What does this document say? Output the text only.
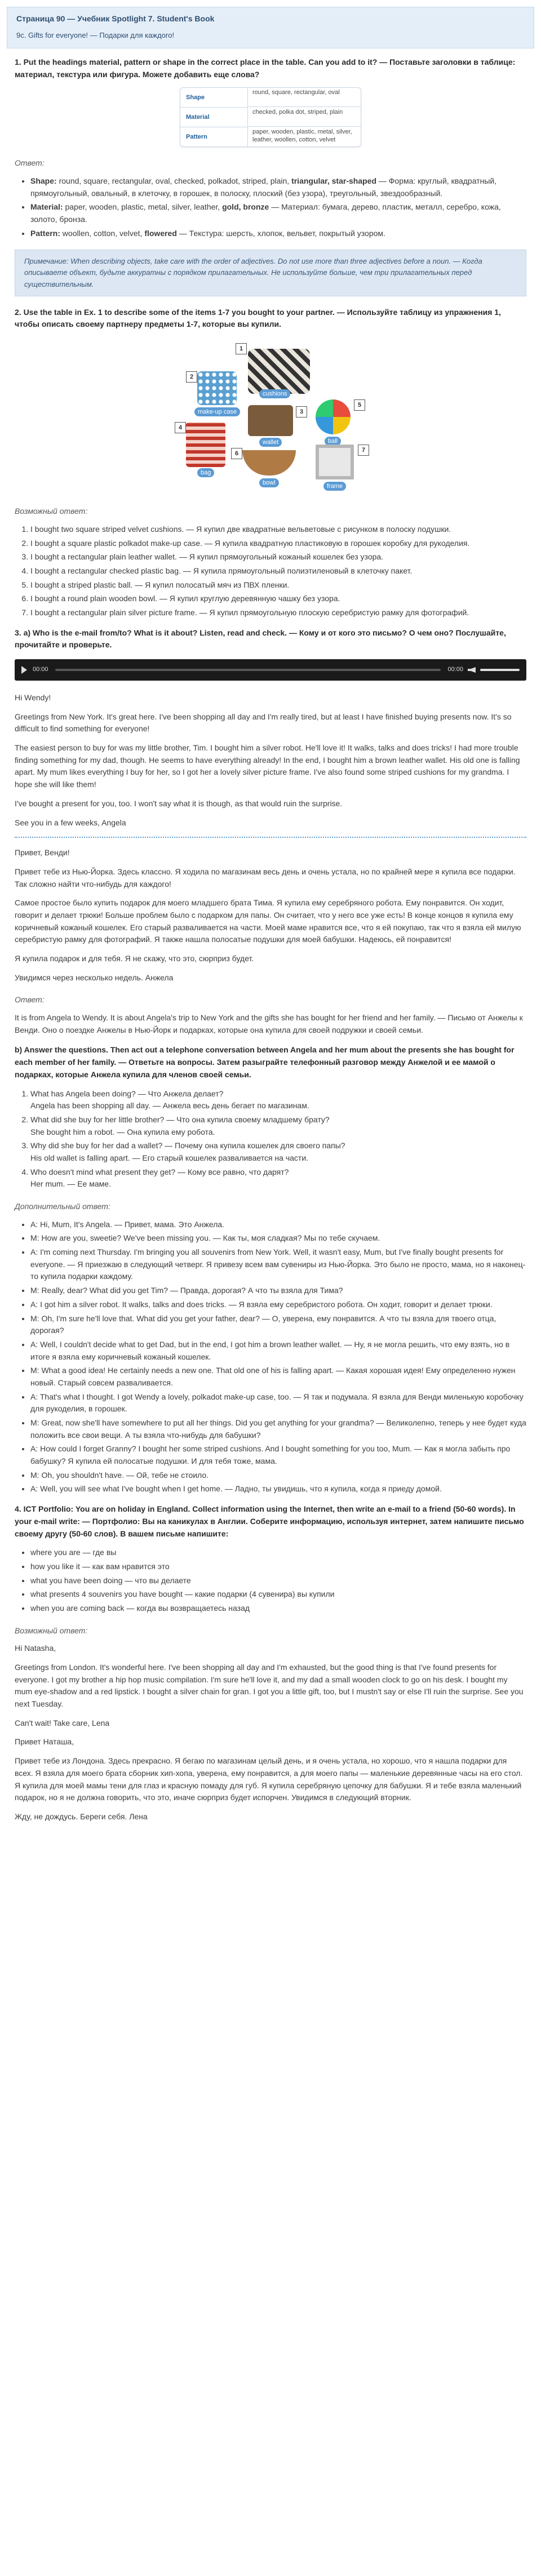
Страница 90 — Учебник Spotlight 7. Student's Book
9c. Gifts for everyone! — Подарки для каждого!

1. Put the headings material, pattern or shape in the correct place in the table. Can you add to it? — Поставьте заголовки в таблице: материал, текстура или фигура. Можете добавить еще слова?

Shape
round, square, rectangular, oval
Material
checked, polka dot, striped, plain
Pattern
paper, wooden, plastic, metal, silver, leather, woollen, cotton, velvet

Ответ:

• Shape: round, square, rectangular, oval, checked, polkadot, striped, plain, triangular, star-shaped — Форма: круглый, квадратный, прямоугольный, овальный, в клеточку, в горошек, в полоску, плоский (без узора), треугольный, звездообразный.
• Material: paper, wooden, plastic, metal, silver, leather, gold, bronze — Материал: бумага, дерево, пластик, металл, серебро, кожа, золото, бронза.
• Pattern: woollen, cotton, velvet, flowered — Текстура: шерсть, хлопок, вельвет, покрытый узором.
Примечание: When describing objects, take care with the order of adjectives. Do not use more than three adjectives before a noun. — Когда описываете объект, будьте аккуратны с порядком прилагательных. Не используйте больше, чем три прилагательных перед существительным.

2. Use the table in Ex. 1 to describe some of the items 1-7 you bought to your partner. — Используйте таблицу из упражнения 1, чтобы описать своему партнеру предметы 1-7, которые вы купили.

1
cushions
2
make-up case	3
wallet
5
ball
4
bag
7
frame
6
bowl

Возможный ответ:

1. I bought two square striped velvet cushions. — Я купил две квадратные вельветовые с рисунком в полоску подушки.
2. I bought a square plastic polkadot make-up case. — Я купила квадратную пластиковую в горошек коробку для рукоделия.
3. I bought a rectangular plain leather wallet. — Я купил прямоугольный кожаный кошелек без узора.
4. I bought a rectangular checked plastic bag. — Я купила прямоугольный полиэтиленовый в клеточку пакет.
5. I bought a striped plastic ball. — Я купил полосатый мяч из ПВХ пленки.
6. I bought a round plain wooden bowl. — Я купил круглую деревянную чашку без узора.
7. I bought a rectangular plain silver picture frame. — Я купил прямоугольную плоскую серебристую рамку для фотографий.

3. a) Who is the e-mail from/to? What is it about? Listen, read and check. — Кому и от кого это письмо? О чем оно? Послушайте, прочитайте и проверьте.

00:00	00:00

Hi Wendy!

Greetings from New York. It's great here. I've been shopping all day and I'm really tired, but at least I have finished buying presents now. It's so difficult to find something for everyone!

The easiest person to buy for was my little brother, Tim. I bought him a silver robot. He'll love it! It walks, talks and does tricks! I had more trouble finding something for my dad, though. He seems to have everything already! In the end, I bought him a brown leather wallet. His old one is falling apart. My mum likes everything I buy for her, so I got her a lovely silver picture frame. I've also found some striped cushions for my grandma. I hope she will like them!

I've bought a present for you, too. I won't say what it is though, as that would ruin the surprise.

See you in a few weeks, Angela

Привет, Венди!

Привет тебе из Нью-Йорка. Здесь классно. Я ходила по магазинам весь день и очень устала, но по крайней мере я купила все подарки. Так сложно найти что-нибудь для каждого!

Самое простое было купить подарок для моего младшего брата Тима. Я купила ему серебряного робота. Ему понравится. Он ходит, говорит и делает трюки! Больше проблем было с подарком для папы. Он считает, что у него все уже есть! В конце концов я купила ему коричневый кожаный кошелек. Его старый разваливается на части. Моей маме нравится все, что я ей покупаю, так что я взяла ей милую серебристую рамку для фотографий. Я также нашла полосатые подушки для моей бабушки. Надеюсь, ей понравится!

Я купила подарок и для тебя. Я не скажу, что это, сюрприз будет.

Увидимся через несколько недель. Анжела

Ответ:

It is from Angela to Wendy. It is about Angela's trip to New York and the gifts she has bought for her friend and her family. — Письмо от Анжелы к Венди. Оно о поездке Анжелы в Нью-Йорк и подарках, которые она купила для своей подружки и своей семьи.

b) Answer the questions. Then act out a telephone conversation between Angela and her mum about the presents she has bought for each member of her family. — Ответьте на вопросы. Затем разыграйте телефонный разговор между Анжелой и ее мамой о подарках, которые Анжела купила для членов своей семьи.

1. What has Angela been doing? — Что Анжела делает?
Angela has been shopping all day. — Анжела весь день бегает по магазинам.
2. What did she buy for her little brother? — Что она купила своему младшему брату?
She bought him a robot. — Она купила ему робота.
3. Why did she buy for her dad a wallet? — Почему она купила кошелек для своего папы?
His old wallet is falling apart. — Его старый кошелек разваливается на части.
4. Who doesn't mind what present they get? — Кому все равно, что дарят?
Her mum. — Ее маме.

Дополнительный ответ:

• A: Hi, Mum, It's Angela. — Привет, мама. Это Анжела.
• M: How are you, sweetie? We've been missing you. — Как ты, моя сладкая? Мы по тебе скучаем.
• A: I'm coming next Thursday. I'm bringing you all souvenirs from New York. Well, it wasn't easy, Mum, but I've finally bought presents for everyone. — Я приезжаю в следующий четверг. Я привезу всем вам сувениры из Нью-Йорка. Это было не просто, мама, но я наконец-то купила подарки каждому.
• M: Really, dear? What did you get Tim? — Правда, дорогая? А что ты взяла для Тима?
• A: I got him a silver robot. It walks, talks and does tricks. — Я взяла ему серебристого робота. Он ходит, говорит и делает трюки.
• M: Oh, I'm sure he'll love that. What did you get your father, dear? — О, уверена, ему понравится. А что ты взяла для твоего отца, дорогая?
• A: Well, I couldn't decide what to get Dad, but in the end, I got him a brown leather wallet. — Ну, я не могла решить, что ему взять, но в итоге я взяла ему коричневый кожаный кошелек.
• M: What a good idea! He certainly needs a new one. That old one of his is falling apart. — Какая хорошая идея! Ему определенно нужен новый. Старый совсем разваливается.
• A: That's what I thought. I got Wendy a lovely, polkadot make-up case, too. — Я так и подумала. Я взяла для Венди миленькую коробочку для рукоделия, в горошек.
• M: Great, now she'll have somewhere to put all her things. Did you get anything for your grandma? — Великолепно, теперь у нее будет куда положить все свои вещи. А ты взяла что-нибудь для бабушки?
• A: How could I forget Granny? I bought her some striped cushions. And I bought something for you too, Mum. — Как я могла забыть про бабушку? Я купила ей полосатые подушки. И для тебя тоже, мама.
• M: Oh, you shouldn't have. — Ой, тебе не стоило.
• A: Well, you will see what I've bought when I get home. — Ладно, ты увидишь, что я купила, когда я приеду домой.

4. ICT Portfolio: You are on holiday in England. Collect information using the Internet, then write an e-mail to a friend (50-60 words). In your e-mail write: — Портфолио: Вы на каникулах в Англии. Соберите информацию, используя интернет, затем напишите письмо своему другу (50-60 слов). В вашем письме напишите:

• where you are — где вы
• how you like it — как вам нравится это
• what you have been doing — что вы делаете
• what presents 4 souvenirs you have bought — какие подарки (4 сувенира) вы купили
• when you are coming back — когда вы возвращаетесь назад

Возможный ответ:

Hi Natasha,

Greetings from London. It's wonderful here. I've been shopping all day and I'm exhausted, but the good thing is that I've found presents for everyone. I got my brother a hip hop music compilation. I'm sure he'll love it, and my dad a small wooden clock to go on his desk. I bought my mum eye-shadow and a red lipstick. I bought a silver chain for gran. I got you a little gift, too, but I mustn't say or else I'll ruin the surprise. See you next Tuesday.

Can't wait! Take care, Lena

Привет Наташа,

Привет тебе из Лондона. Здесь прекрасно. Я бегаю по магазинам целый день, и я очень устала, но хорошо, что я нашла подарки для всех. Я взяла для моего брата сборник хип-хопа, уверена, ему понравится, а для моего папы — маленькие деревянные часы на его стол. Я купила для моей мамы тени для глаз и красную помаду для губ. Я купила серебряную цепочку для бабушки. Я и тебе взяла маленький подарок, но я не должна говорить, что это, иначе сюрприз будет испорчен. Увидимся в следующий вторник.

Жду, не дождусь. Береги себя. Лена
